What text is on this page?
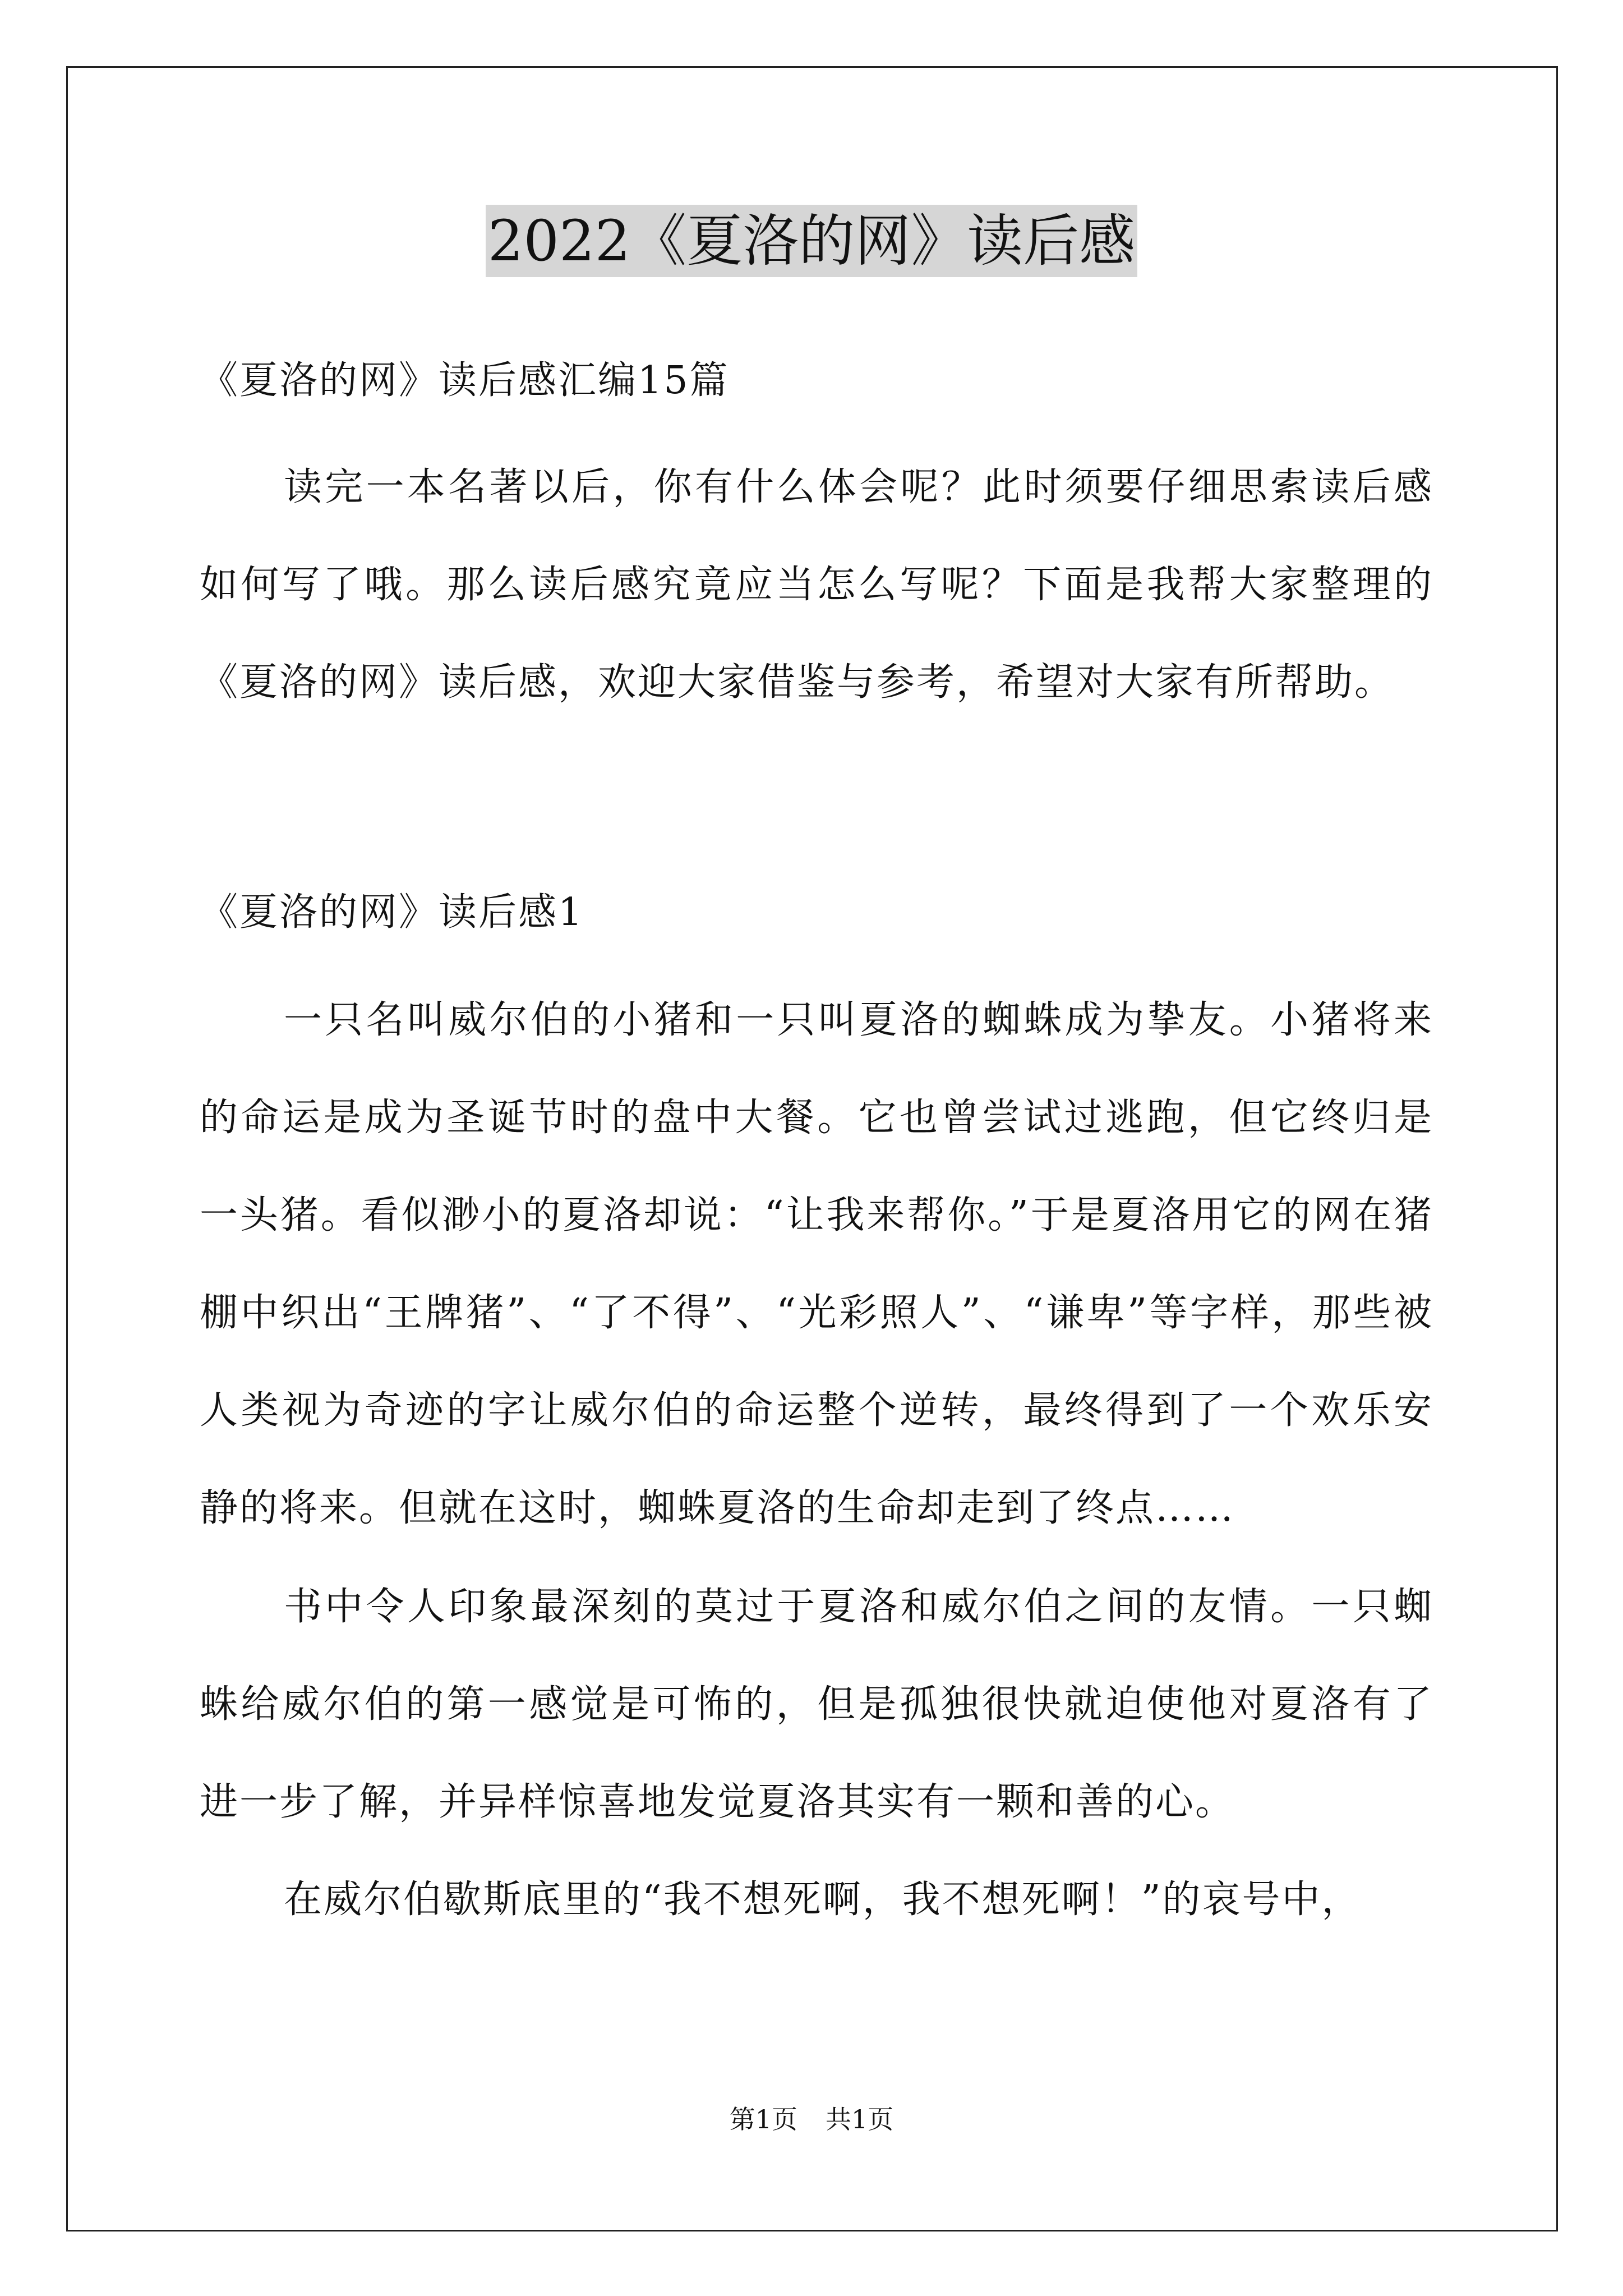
2022《夏洛的网》读后感

《夏洛的网》读后感汇编15篇

读完一本名著以后，你有什么体会呢？此时须要仔细思索读后感如何写了哦。那么读后感究竟应当怎么写呢？下面是我帮大家整理的《夏洛的网》读后感，欢迎大家借鉴与参考，希望对大家有所帮助。

《夏洛的网》读后感1

一只名叫威尔伯的小猪和一只叫夏洛的蜘蛛成为挚友。小猪将来的命运是成为圣诞节时的盘中大餐。它也曾尝试过逃跑，但它终归是一头猪。看似渺小的夏洛却说：“让我来帮你。”于是夏洛用它的网在猪棚中织出“王牌猪”、“了不得”、“光彩照人”、“谦卑”等字样，那些被人类视为奇迹的字让威尔伯的命运整个逆转，最终得到了一个欢乐安静的将来。但就在这时，蜘蛛夏洛的生命却走到了终点……

书中令人印象最深刻的莫过于夏洛和威尔伯之间的友情。一只蜘蛛给威尔伯的第一感觉是可怖的，但是孤独很快就迫使他对夏洛有了进一步了解，并异样惊喜地发觉夏洛其实有一颗和善的心。

在威尔伯歇斯底里的“我不想死啊，我不想死啊！”的哀号中，

第1页 共1页
